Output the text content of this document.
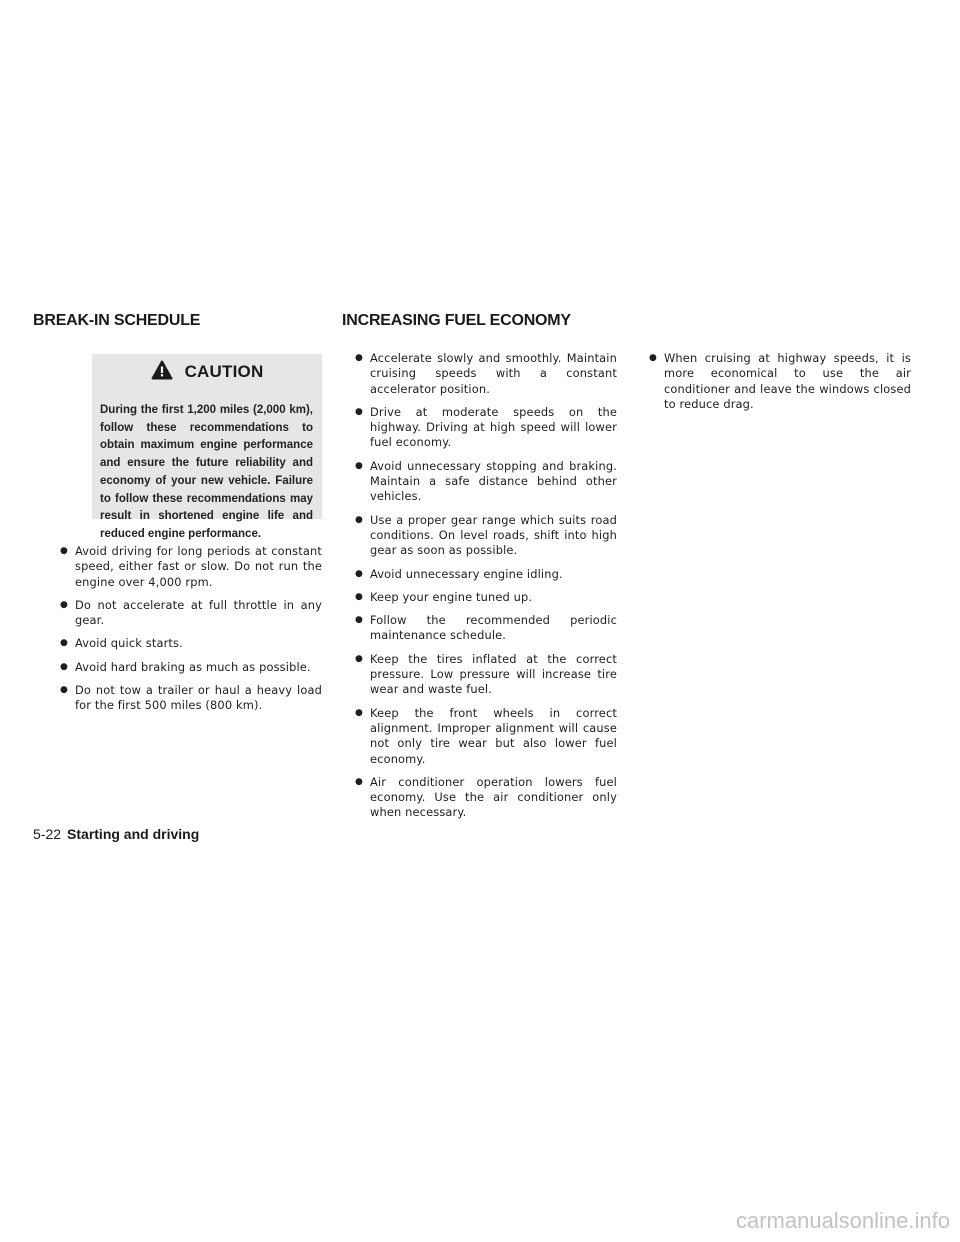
BREAK-IN SCHEDULE	INCREASING FUEL ECONOMY
CAUTION

During the first 1,200 miles (2,000 km), follow these recommendations to obtain maximum engine performance and ensure the future reliability and economy of your new vehicle. Failure to follow these recommendations may result in shortened engine life and reduced engine performance.

● Avoid driving for long periods at constant speed, either fast or slow. Do not run the engine over 4,000 rpm.
● Do not accelerate at full throttle in any gear.
● Avoid quick starts.
● Avoid hard braking as much as possible.
● Do not tow a trailer or haul a heavy load for the first 500 miles (800 km).
● Accelerate slowly and smoothly. Maintain cruising speeds with a constant accelerator position.
● Drive at moderate speeds on the highway. Driving at high speed will lower fuel economy.
● Avoid unnecessary stopping and braking. Maintain a safe distance behind other vehicles.
● Use a proper gear range which suits road conditions. On level roads, shift into high gear as soon as possible.
● Avoid unnecessary engine idling.
● Keep your engine tuned up.
● Follow the recommended periodic maintenance schedule.
● Keep the tires inflated at the correct pressure. Low pressure will increase tire wear and waste fuel.
● Keep the front wheels in correct alignment. Improper alignment will cause not only tire wear but also lower fuel economy.
● Air conditioner operation lowers fuel economy. Use the air conditioner only when necessary.
● When cruising at highway speeds, it is more economical to use the air conditioner and leave the windows closed to reduce drag.
5-22 Starting and driving
carmanualsonline.info
